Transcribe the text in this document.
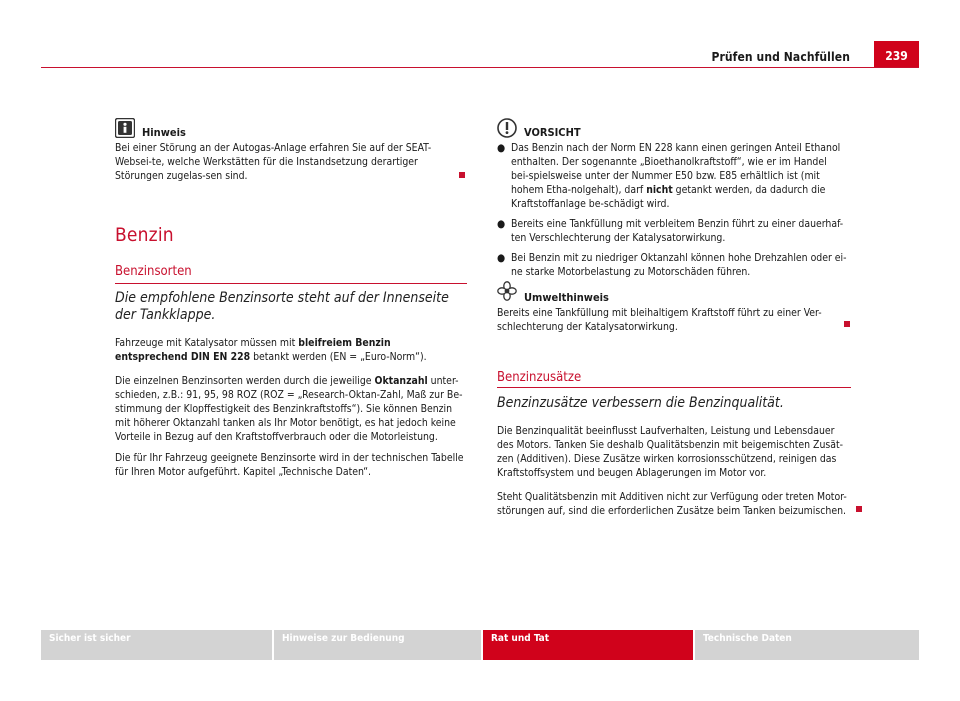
Prüfen und Nachfüllen	239
Hinweis

Bei einer Störung an der Autogas-Anlage erfahren Sie auf der SEAT-Websei-te, welche Werkstätten für die Instandsetzung derartiger Störungen zugelas-sen sind.

Benzin
Benzinsorten
Die empfohlene Benzinsorte steht auf der Innenseite der Tankklappe.

Fahrzeuge mit Katalysator müssen mit bleifreiem Benzin entsprechend DIN EN 228 betankt werden (EN = „Euro-Norm“).

Die einzelnen Benzinsorten werden durch die jeweilige Oktanzahl unter-schieden, z.B.: 91, 95, 98 ROZ (ROZ = „Research-Oktan-Zahl, Maß zur Be-stimmung der Klopffestigkeit des Benzinkraftstoffs“). Sie können Benzin mit höherer Oktanzahl tanken als Ihr Motor benötigt, es hat jedoch keine Vorteile in Bezug auf den Kraftstoffverbrauch oder die Motorleistung.

Die für Ihr Fahrzeug geeignete Benzinsorte wird in der technischen Tabelle für Ihren Motor aufgeführt. Kapitel „Technische Daten“.

VORSICHT
● Das Benzin nach der Norm EN 228 kann einen geringen Anteil Ethanol enthalten. Der sogenannte „Bioethanolkraftstoff“, wie er im Handel bei-spielsweise unter der Nummer E50 bzw. E85 erhältlich ist (mit hohem Etha-nolgehalt), darf nicht getankt werden, da dadurch die Kraftstoffanlage be-schädigt wird.
● Bereits eine Tankfüllung mit verbleitem Benzin führt zu einer dauerhaf-ten Verschlechterung der Katalysatorwirkung.
● Bei Benzin mit zu niedriger Oktanzahl können hohe Drehzahlen oder ei-ne starke Motorbelastung zu Motorschäden führen.
Umwelthinweis

Bereits eine Tankfüllung mit bleihaltigem Kraftstoff führt zu einer Ver-schlechterung der Katalysatorwirkung.

Benzinzusätze
Benzinzusätze verbessern die Benzinqualität.

Die Benzinqualität beeinflusst Laufverhalten, Leistung und Lebensdauer des Motors. Tanken Sie deshalb Qualitätsbenzin mit beigemischten Zusät-zen (Additiven). Diese Zusätze wirken korrosionsschützend, reinigen das Kraftstoffsystem und beugen Ablagerungen im Motor vor.

Steht Qualitätsbenzin mit Additiven nicht zur Verfügung oder treten Motor-störungen auf, sind die erforderlichen Zusätze beim Tanken beizumischen.

Sicher ist sicher	Hinweise zur Bedienung	Rat und Tat	Technische Daten
